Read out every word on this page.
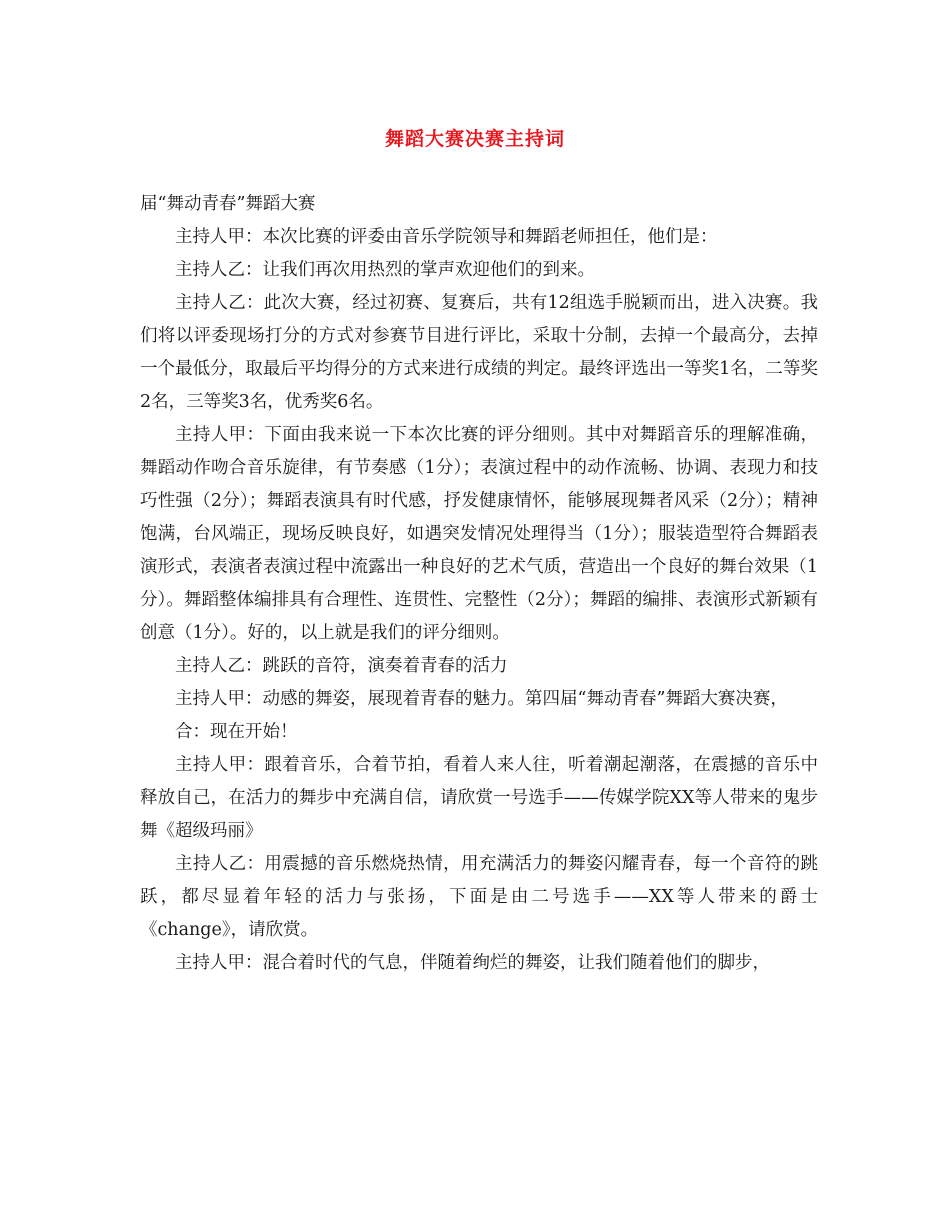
舞蹈大赛决赛主持词

届“舞动青春”舞蹈大赛

主持人甲：本次比赛的评委由音乐学院领导和舞蹈老师担任，他们是：

主持人乙：让我们再次用热烈的掌声欢迎他们的到来。

主持人乙：此次大赛，经过初赛、复赛后，共有12组选手脱颖而出，进入决赛。我们将以评委现场打分的方式对参赛节目进行评比，采取十分制，去掉一个最高分，去掉一个最低分，取最后平均得分的方式来进行成绩的判定。最终评选出一等奖1名，二等奖2名，三等奖3名，优秀奖6名。

主持人甲：下面由我来说一下本次比赛的评分细则。其中对舞蹈音乐的理解准确，舞蹈动作吻合音乐旋律，有节奏感（1分）；表演过程中的动作流畅、协调、表现力和技巧性强（2分）；舞蹈表演具有时代感，抒发健康情怀，能够展现舞者风采（2分）；精神饱满，台风端正，现场反映良好，如遇突发情况处理得当（1分）；服装造型符合舞蹈表演形式，表演者表演过程中流露出一种良好的艺术气质，营造出一个良好的舞台效果（1分）。舞蹈整体编排具有合理性、连贯性、完整性（2分）；舞蹈的编排、表演形式新颖有创意（1分）。好的，以上就是我们的评分细则。

主持人乙：跳跃的音符，演奏着青春的活力

主持人甲：动感的舞姿，展现着青春的魅力。第四届“舞动青春”舞蹈大赛决赛，

合：现在开始！

主持人甲：跟着音乐，合着节拍，看着人来人往，听着潮起潮落，在震撼的音乐中释放自己，在活力的舞步中充满自信，请欣赏一号选手——传媒学院XX等人带来的鬼步舞《超级玛丽》

主持人乙：用震撼的音乐燃烧热情，用充满活力的舞姿闪耀青春，每一个音符的跳跃，都尽显着年轻的活力与张扬，下面是由二号选手——XX等人带来的爵士《change》，请欣赏。

主持人甲：混合着时代的气息，伴随着绚烂的舞姿，让我们随着他们的脚步，
